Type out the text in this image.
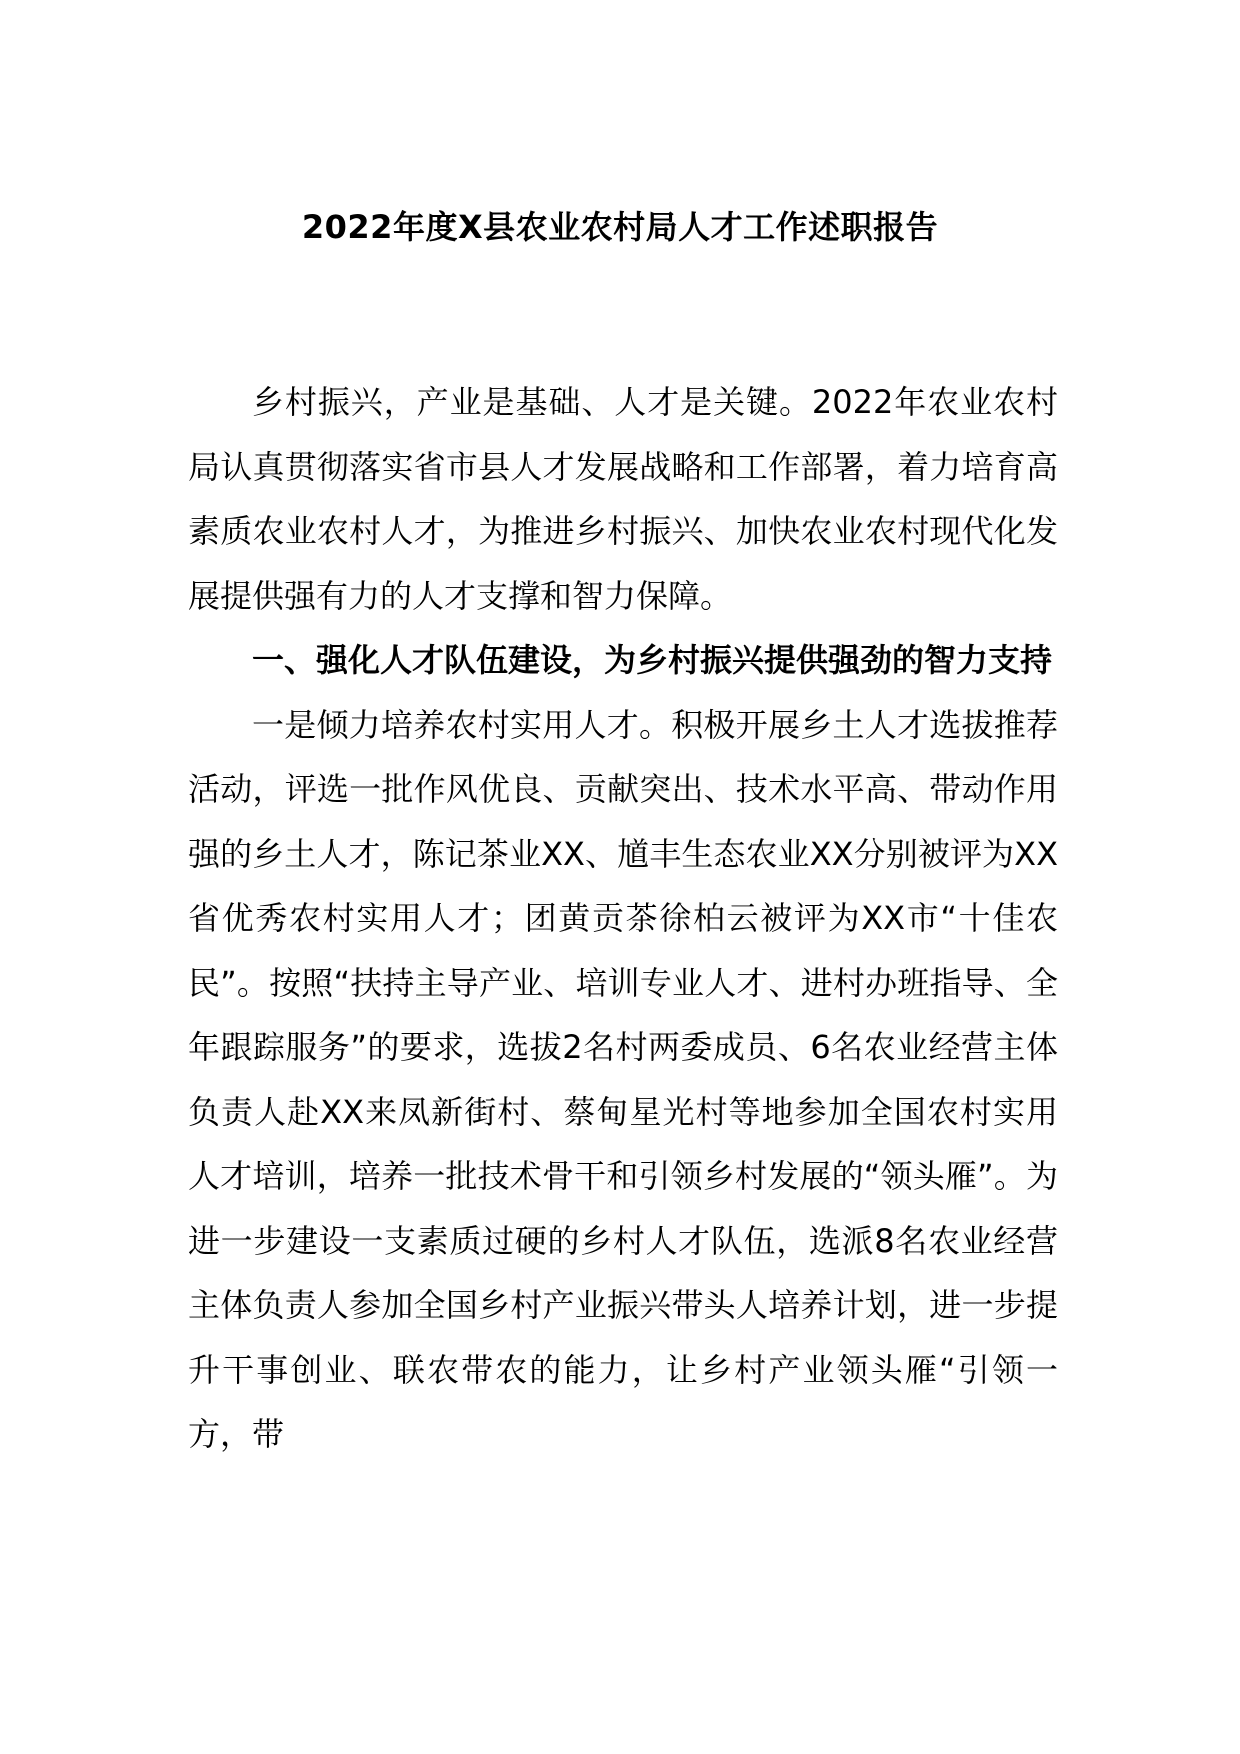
2022年度X县农业农村局人才工作述职报告

乡村振兴，产业是基础、人才是关键。2022年农业农村局认真贯彻落实省市县人才发展战略和工作部署，着力培育高素质农业农村人才，为推进乡村振兴、加快农业农村现代化发展提供强有力的人才支撑和智力保障。

一、强化人才队伍建设，为乡村振兴提供强劲的智力支持

一是倾力培养农村实用人才。积极开展乡土人才选拔推荐活动，评选一批作风优良、贡献突出、技术水平高、带动作用强的乡土人才，陈记茶业XX、馗丰生态农业XX分别被评为XX省优秀农村实用人才；团黄贡茶徐柏云被评为XX市“十佳农民”。按照“扶持主导产业、培训专业人才、进村办班指导、全年跟踪服务”的要求，选拔2名村两委成员、6名农业经营主体负责人赴XX来凤新街村、蔡甸星光村等地参加全国农村实用人才培训，培养一批技术骨干和引领乡村发展的“领头雁”。为进一步建设一支素质过硬的乡村人才队伍，选派8名农业经营主体负责人参加全国乡村产业振兴带头人培养计划，进一步提升干事创业、联农带农的能力，让乡村产业领头雁“引领一方，带
